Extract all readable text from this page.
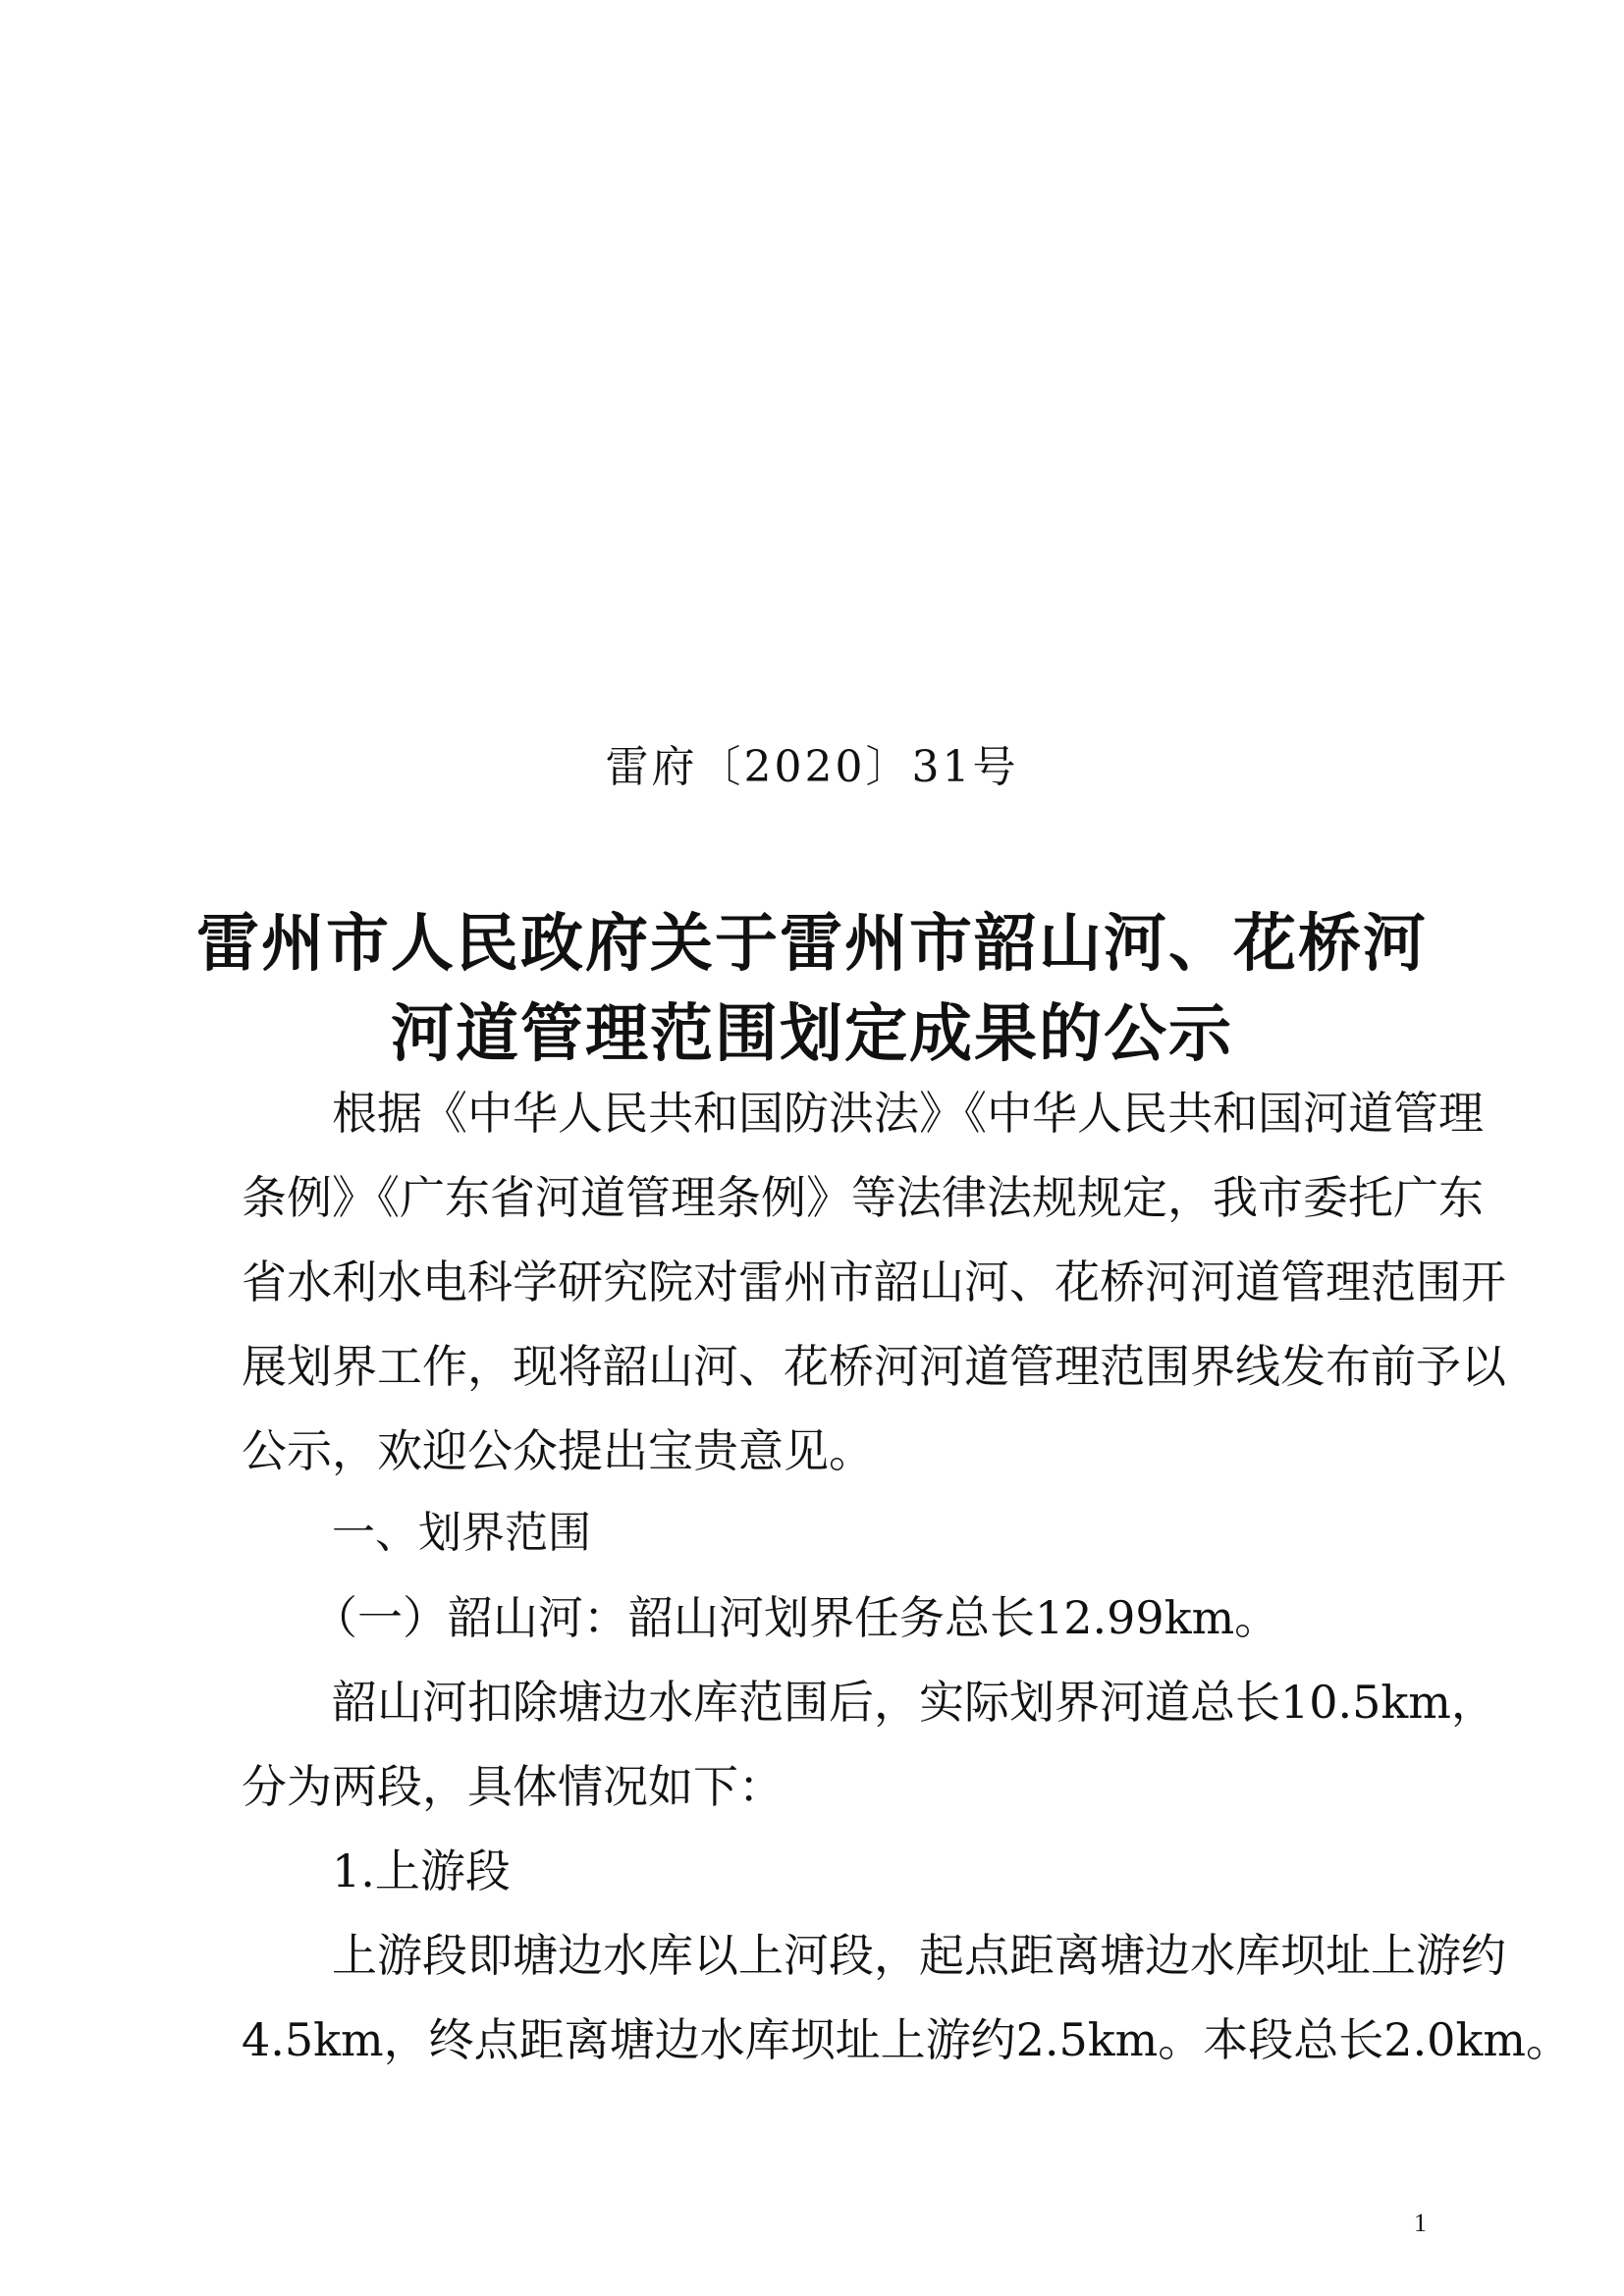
雷府〔2020〕31号
雷州市人民政府关于雷州市韶山河、花桥河
河道管理范围划定成果的公示
根据《中华人民共和国防洪法》《中华人民共和国河道管理
条例》《广东省河道管理条例》等法律法规规定，我市委托广东
省水利水电科学研究院对雷州市韶山河、花桥河河道管理范围开
展划界工作，现将韶山河、花桥河河道管理范围界线发布前予以
公示，欢迎公众提出宝贵意见。
一、划界范围
（一）韶山河：韶山河划界任务总长12.99km。
韶山河扣除塘边水库范围后，实际划界河道总长10.5km，
分为两段，具体情况如下：
1.上游段
上游段即塘边水库以上河段，起点距离塘边水库坝址上游约
4.5km，终点距离塘边水库坝址上游约2.5km。本段总长2.0km。
1
